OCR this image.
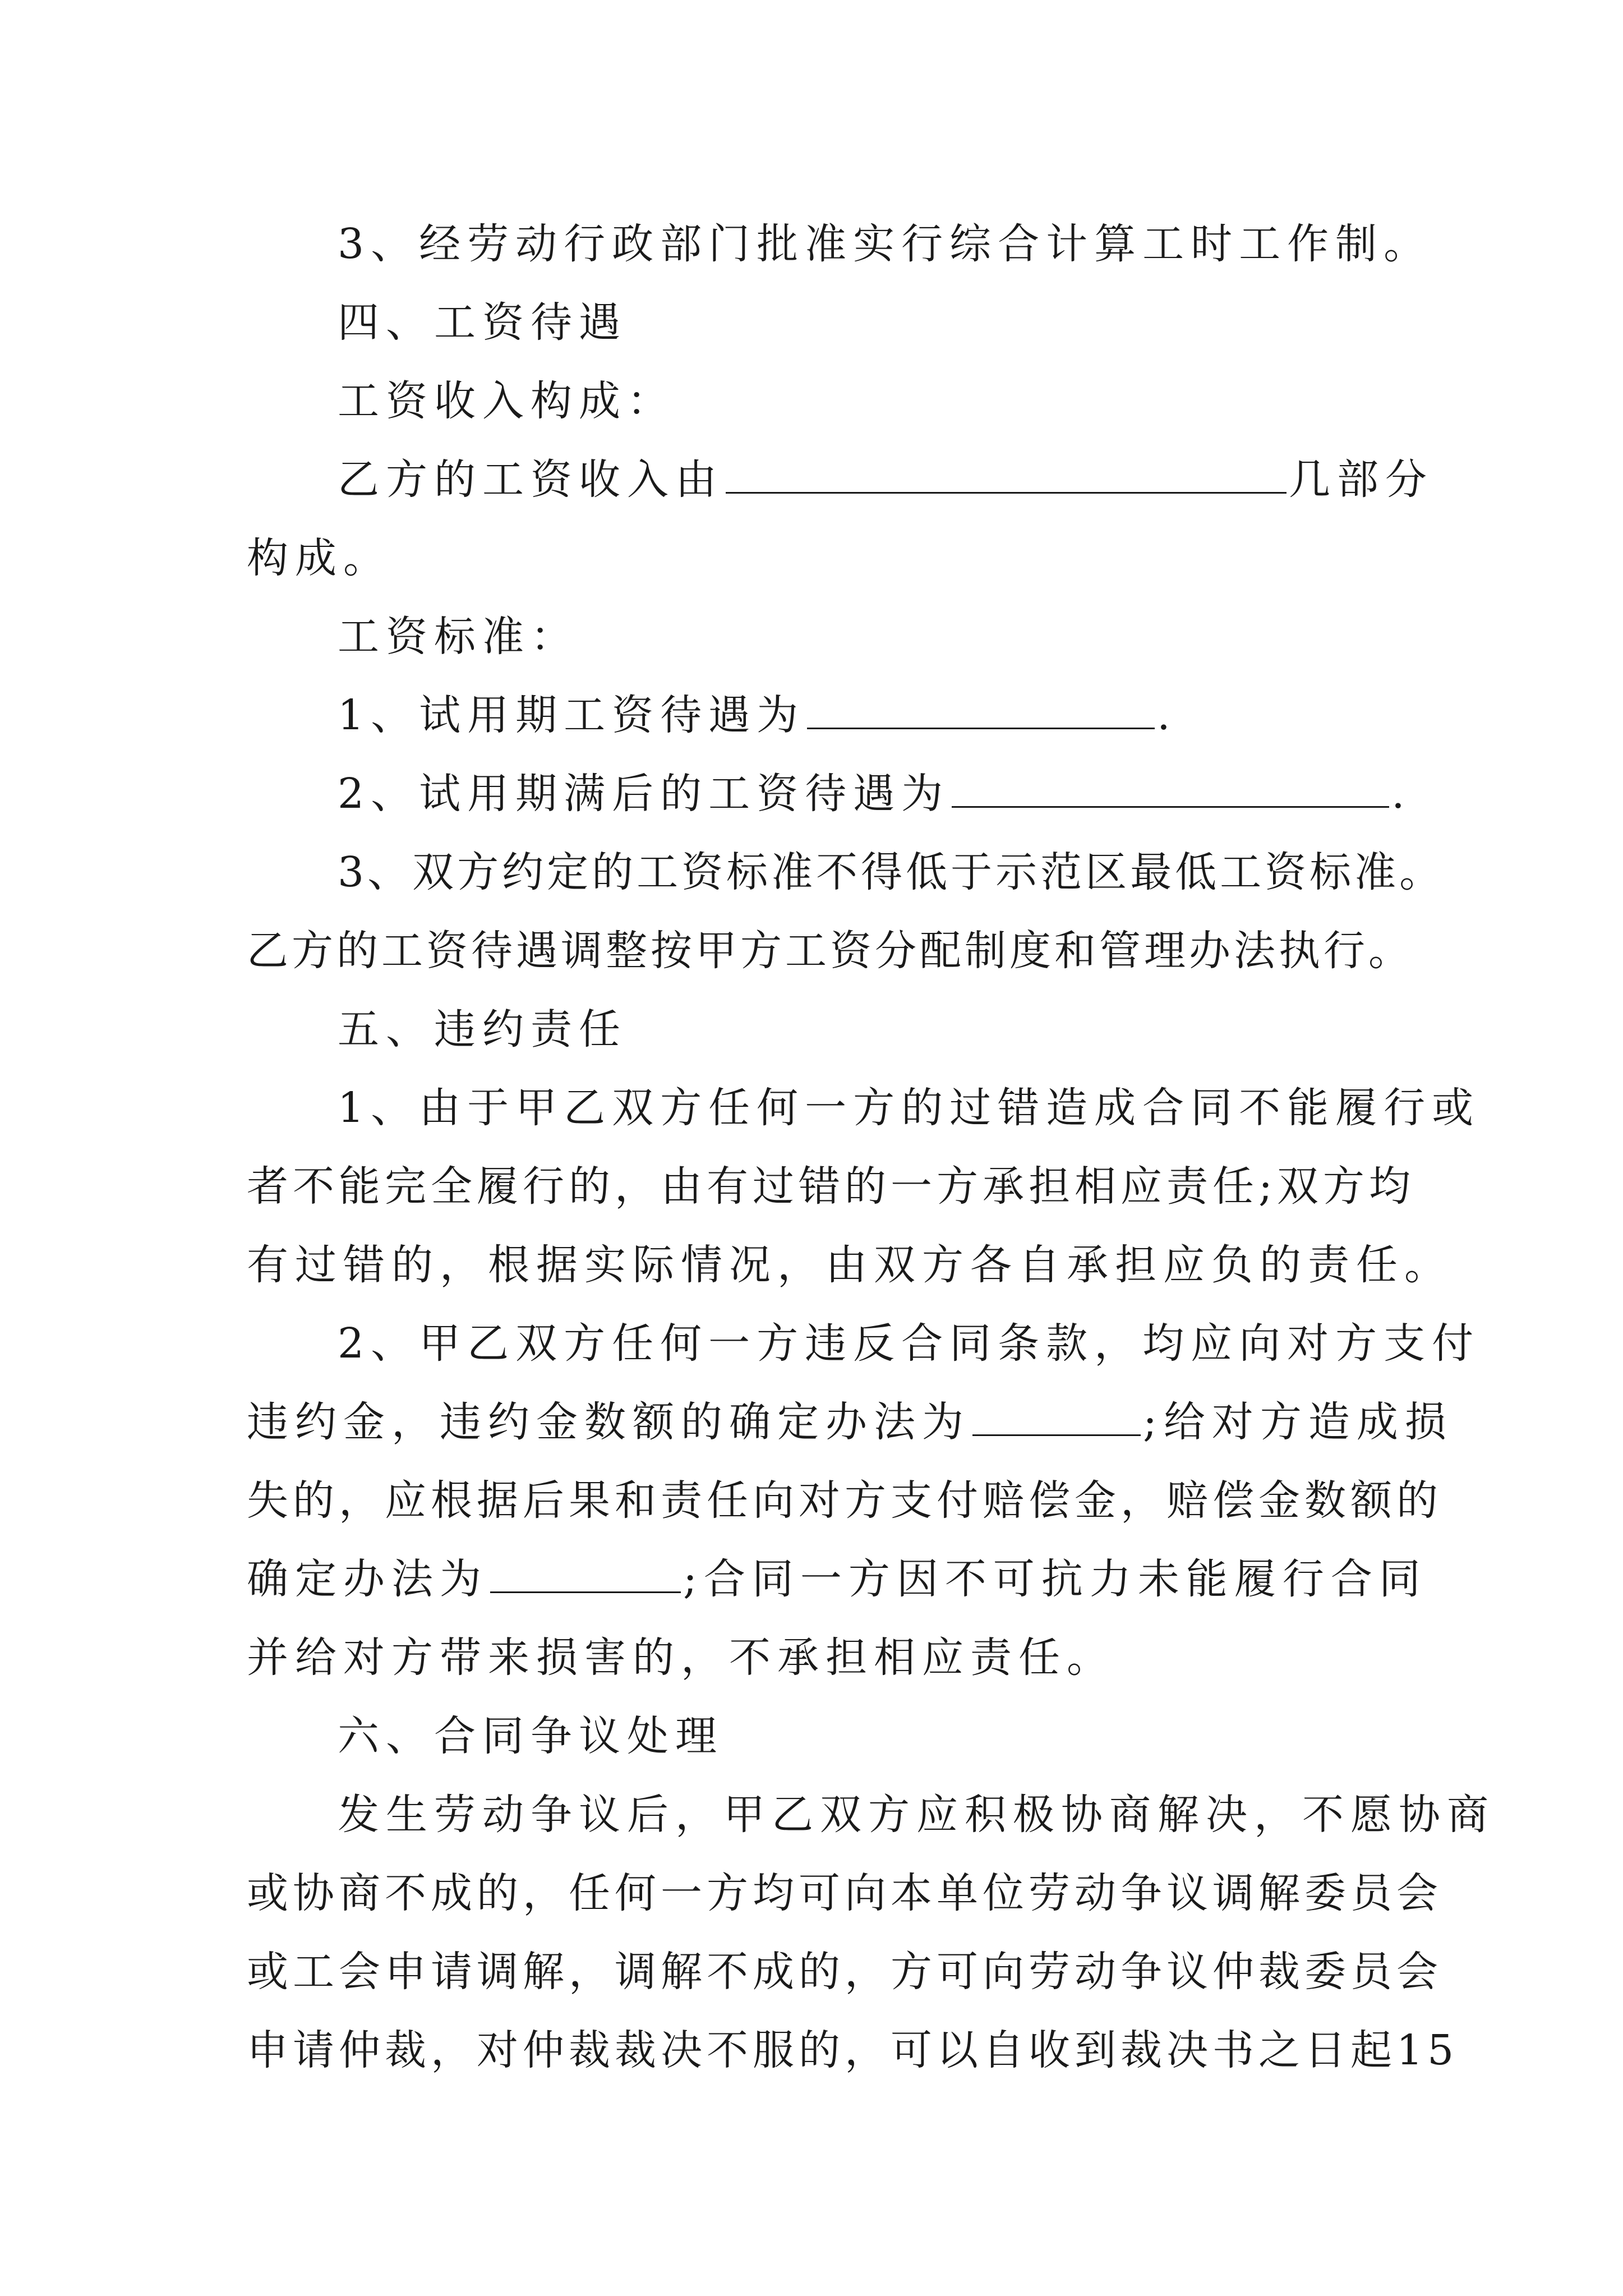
3、经劳动行政部门批准实行综合计算工时工作制。
四、工资待遇
工资收入构成：
乙方的工资收入由	几部分
构成。
工资标准：
1、试用期工资待遇为	.
2、试用期满后的工资待遇为	.
3、双方约定的工资标准不得低于示范区最低工资标准。
乙方的工资待遇调整按甲方工资分配制度和管理办法执行。
五、违约责任
1、由于甲乙双方任何一方的过错造成合同不能履行或
者不能完全履行的，由有过错的一方承担相应责任;双方均
有过错的，根据实际情况，由双方各自承担应负的责任。
2、甲乙双方任何一方违反合同条款，均应向对方支付
违约金，违约金数额的确定办法为	;给对方造成损
失的，应根据后果和责任向对方支付赔偿金，赔偿金数额的
确定办法为	;合同一方因不可抗力未能履行合同
并给对方带来损害的，不承担相应责任。
六、合同争议处理
发生劳动争议后，甲乙双方应积极协商解决，不愿协商
或协商不成的，任何一方均可向本单位劳动争议调解委员会
或工会申请调解，调解不成的，方可向劳动争议仲裁委员会
申请仲裁，对仲裁裁决不服的，可以自收到裁决书之日起15
